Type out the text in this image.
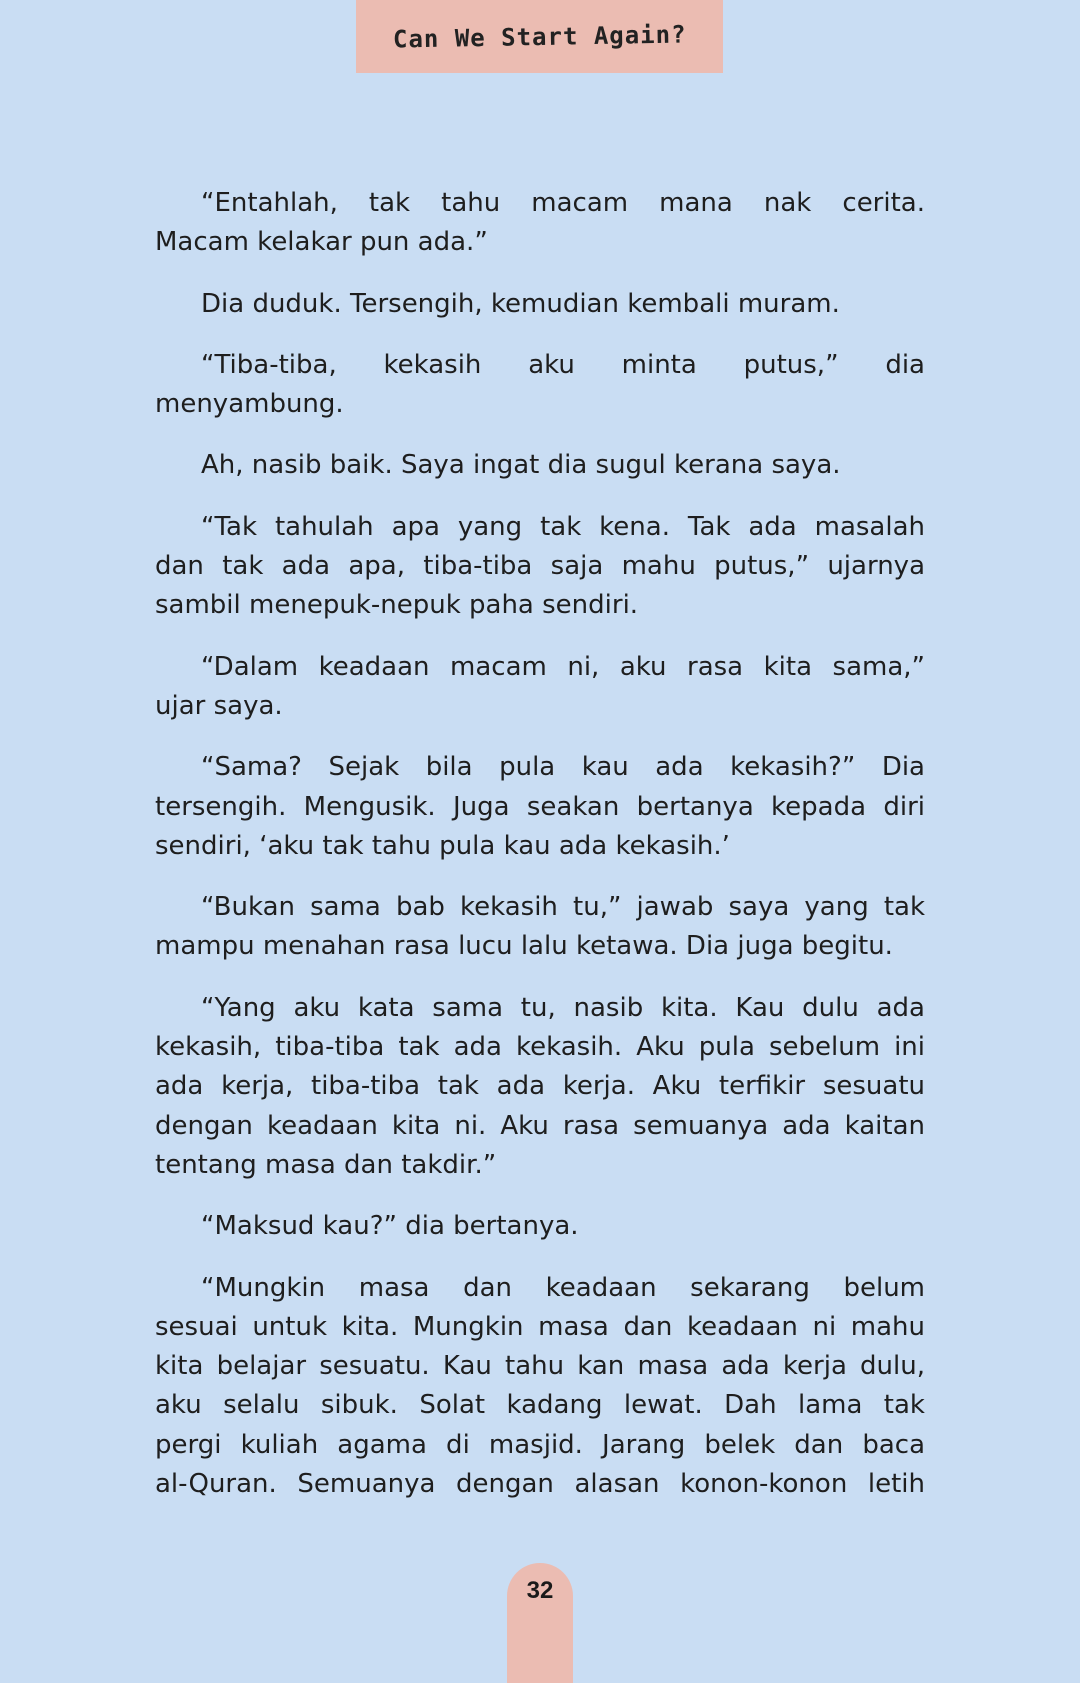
Can We Start Again?
“Entahlah, tak tahu macam mana nak cerita.
Macam kelakar pun ada.”
Dia duduk. Tersengih, kemudian kembali muram.
“Tiba-tiba, kekasih aku minta putus,” dia
menyambung.
Ah, nasib baik. Saya ingat dia sugul kerana saya.
“Tak tahulah apa yang tak kena. Tak ada masalah
dan tak ada apa, tiba-tiba saja mahu putus,” ujarnya
sambil menepuk-nepuk paha sendiri.
“Dalam keadaan macam ni, aku rasa kita sama,”
ujar saya.
“Sama? Sejak bila pula kau ada kekasih?” Dia
tersengih. Mengusik. Juga seakan bertanya kepada diri
sendiri, ‘aku tak tahu pula kau ada kekasih.’
“Bukan sama bab kekasih tu,” jawab saya yang tak
mampu menahan rasa lucu lalu ketawa. Dia juga begitu.
“Yang aku kata sama tu, nasib kita. Kau dulu ada
kekasih, tiba-tiba tak ada kekasih. Aku pula sebelum ini
ada kerja, tiba-tiba tak ada kerja. Aku terfikir sesuatu
dengan keadaan kita ni. Aku rasa semuanya ada kaitan
tentang masa dan takdir.”
“Maksud kau?” dia bertanya.
“Mungkin masa dan keadaan sekarang belum
sesuai untuk kita. Mungkin masa dan keadaan ni mahu
kita belajar sesuatu. Kau tahu kan masa ada kerja dulu,
aku selalu sibuk. Solat kadang lewat. Dah lama tak
pergi kuliah agama di masjid. Jarang belek dan baca
al-Quran. Semuanya dengan alasan konon-konon letih
32
